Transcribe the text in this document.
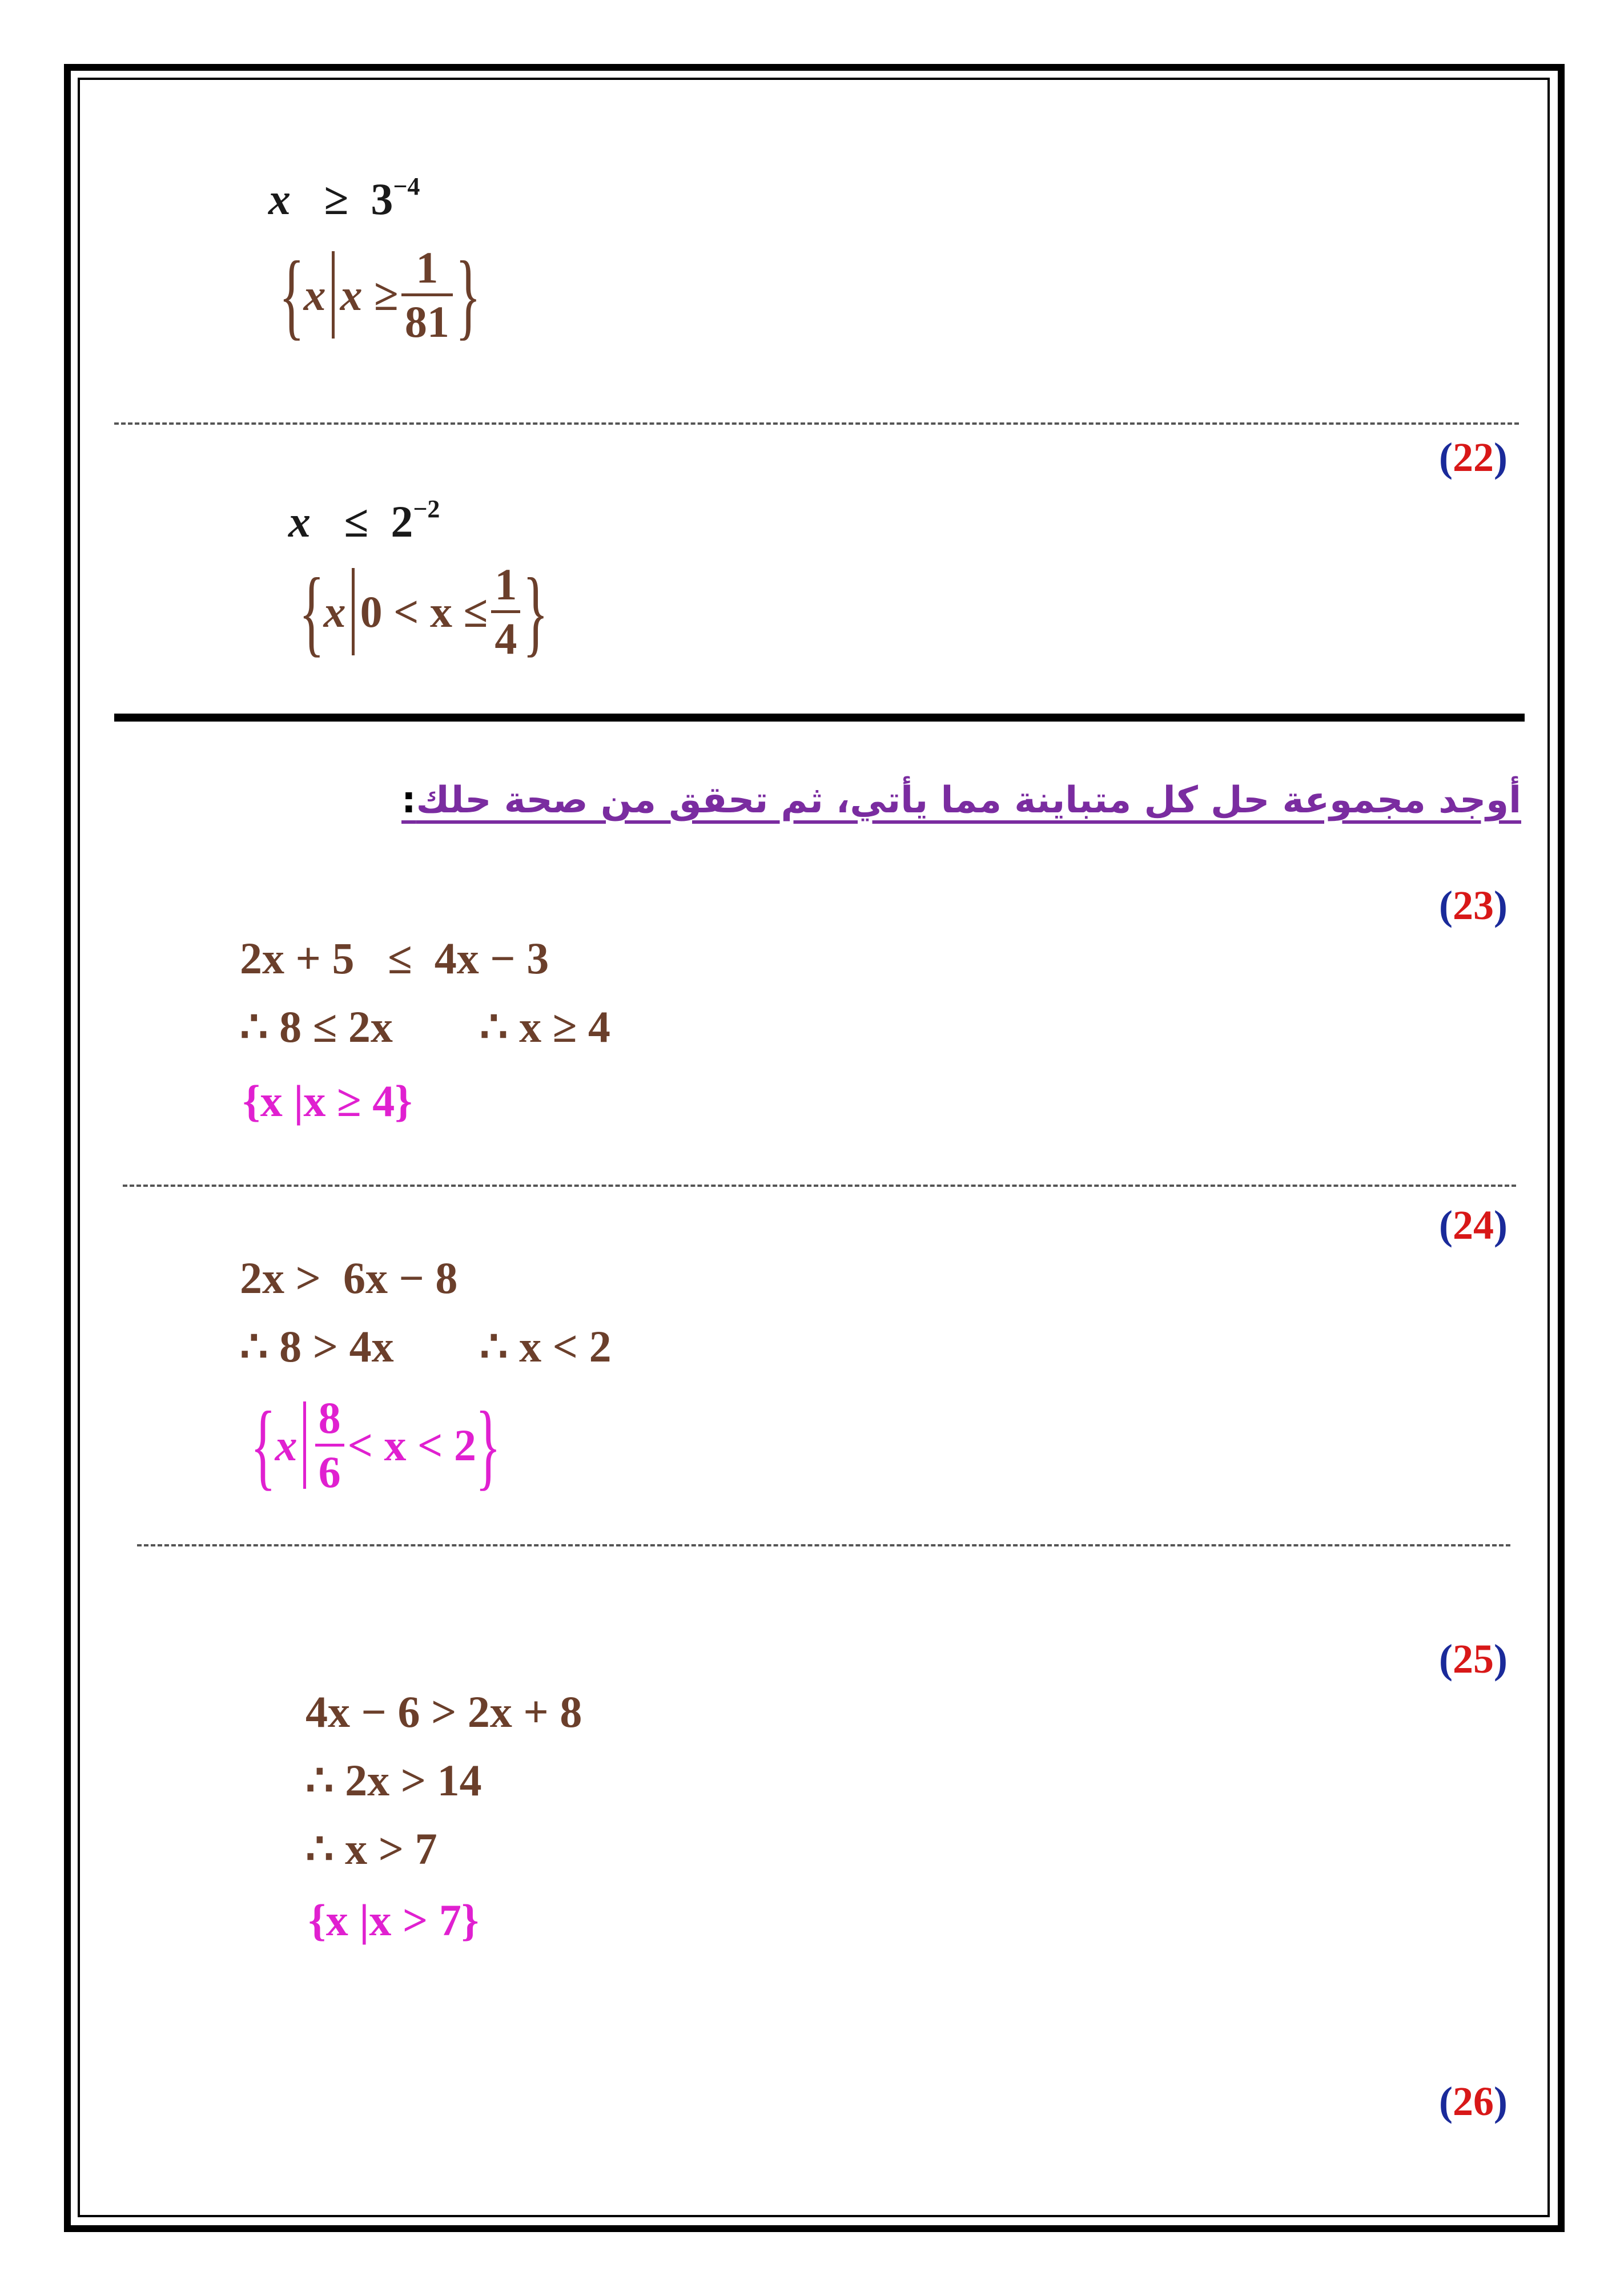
$x \ge 3^{-4}$
{
x x ≥
1
81 }
(22)
$x \le 2^{-2}$
{
x 0 < x ≤
1
4 }
أوجد مجموعة حل كل متباينة مما يأتي، ثم تحقق من صحة حلك:
(23)
2x + 5   ≤  4x − 3
∴ 8 ≤ 2x ∴ x ≥ 4
{x |x ≥ 4}
(24)
2x >  6x − 8
∴ 8 > 4x ∴ x < 2
{
x
8
6
< x < 2
}
(25)
4x − 6 > 2x + 8
∴ 2x > 14
∴ x > 7
{x |x > 7}
(26)
